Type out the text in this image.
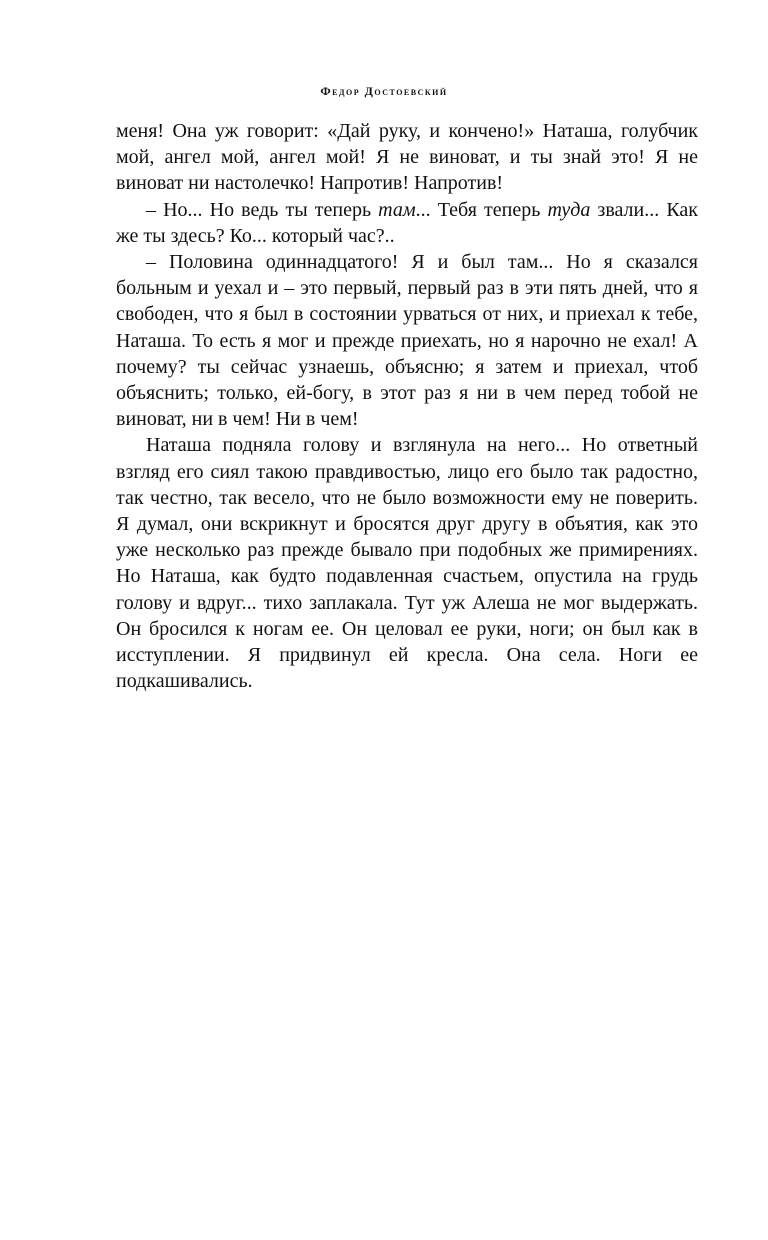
Федор Достоевский

меня! Она уж говорит: «Дай руку, и кончено!» Наташа, голубчик мой, ангел мой, ангел мой! Я не виноват, и ты знай это! Я не виноват ни настолечко! Напротив! Напротив!

– Но... Но ведь ты теперь там... Тебя теперь туда звали... Как же ты здесь? Ко... который час?..

– Половина одиннадцатого! Я и был там... Но я сказался больным и уехал и – это первый, первый раз в эти пять дней, что я свободен, что я был в состоянии урваться от них, и приехал к тебе, Наташа. То есть я мог и прежде приехать, но я нарочно не ехал! А почему? ты сейчас узнаешь, объясню; я затем и приехал, чтоб объяснить; только, ей-богу, в этот раз я ни в чем перед тобой не виноват, ни в чем! Ни в чем!

Наташа подняла голову и взглянула на него... Но ответный взгляд его сиял такою правдивостью, лицо его было так радостно, так честно, так весело, что не было возможности ему не поверить. Я думал, они вскрикнут и бросятся друг другу в объятия, как это уже несколько раз прежде бывало при подобных же примирениях. Но Наташа, как будто подавленная счастьем, опустила на грудь голову и вдруг... тихо заплакала. Тут уж Алеша не мог выдержать. Он бросился к ногам ее. Он целовал ее руки, ноги; он был как в исступлении. Я придвинул ей кресла. Она села. Ноги ее подкашивались.
